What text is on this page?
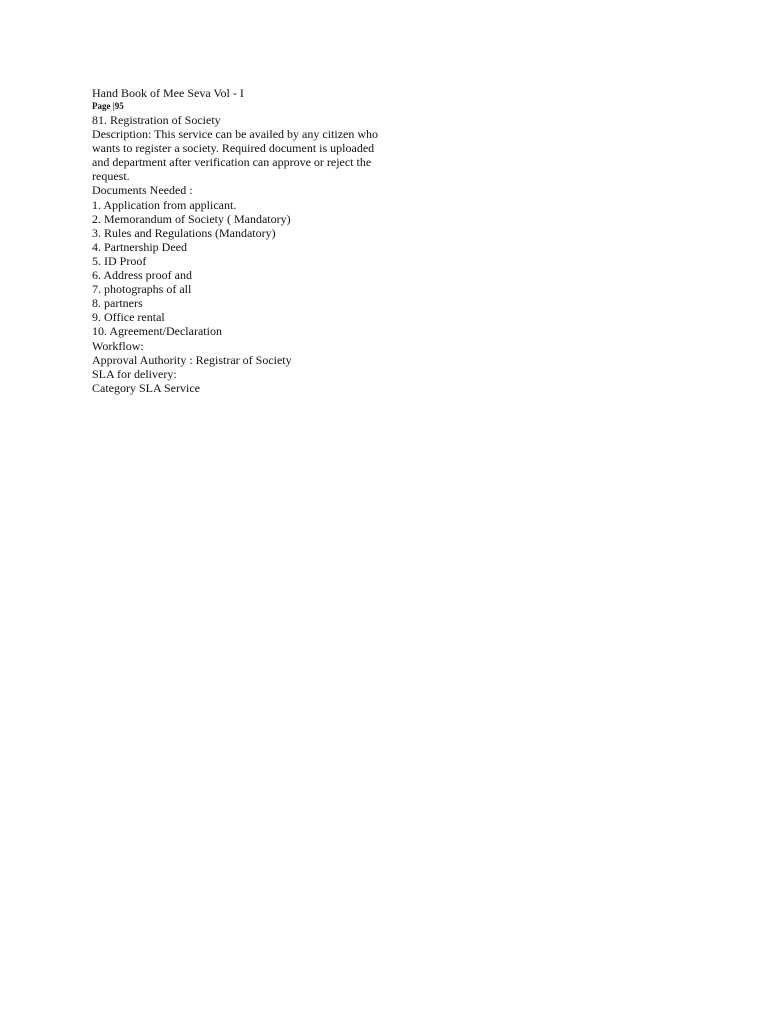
Hand Book of Mee Seva Vol - I

Page |95

81. Registration of Society

Description: This service can be availed by any citizen who

wants to register a society. Required document is uploaded

and department after verification can approve or reject the

request.

Documents Needed :

1. Application from applicant.
2. Memorandum of Society ( Mandatory)
3. Rules and Regulations (Mandatory)
4. Partnership Deed
5. ID Proof
6. Address proof and
7. photographs of all
8. partners
9. Office rental
10. Agreement/Declaration

Workflow:

Approval Authority : Registrar of Society

SLA for delivery:

Category SLA Service
